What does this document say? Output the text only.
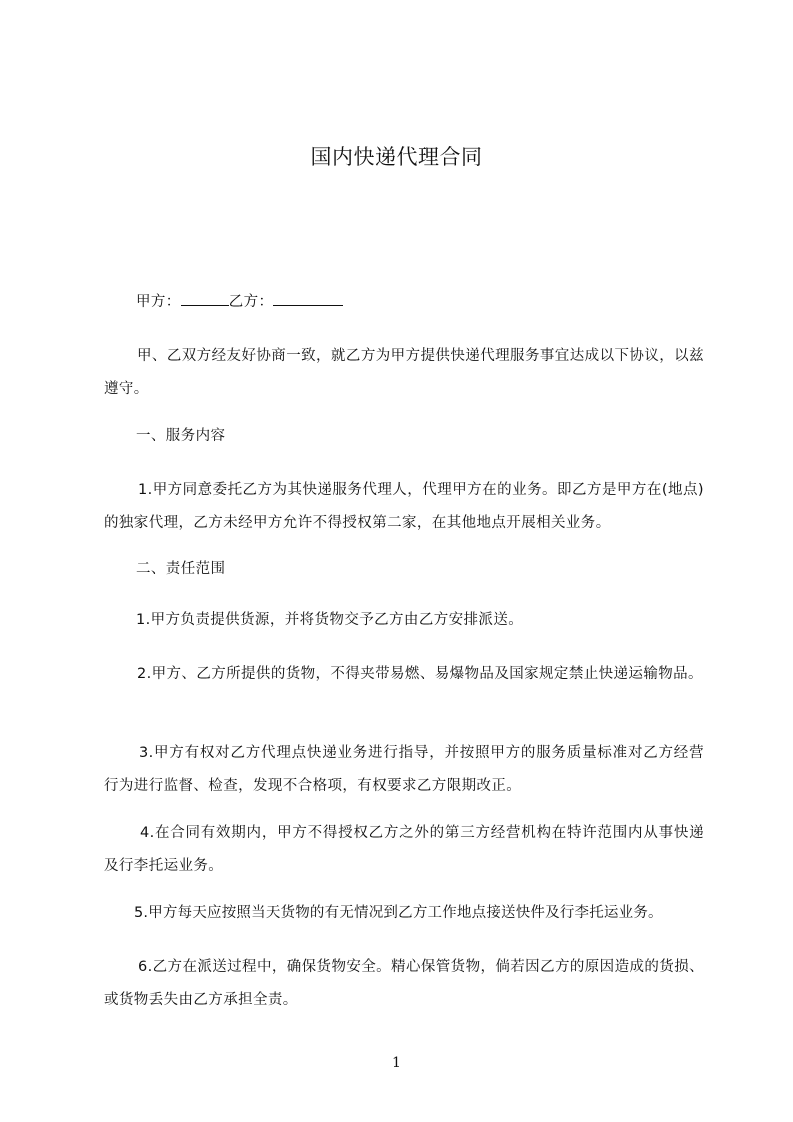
国内快递代理合同

甲方：	乙方：

甲、乙双方经友好协商一致，就乙方为甲方提供快递代理服务事宜达成以下协议，以兹遵守。

一、服务内容

1.甲方同意委托乙方为其快递服务代理人，代理甲方在的业务。即乙方是甲方在(地点)的独家代理，乙方未经甲方允许不得授权第二家，在其他地点开展相关业务。

二、责任范围

1.甲方负责提供货源，并将货物交予乙方由乙方安排派送。

2.甲方、乙方所提供的货物，不得夹带易燃、易爆物品及国家规定禁止快递运输物品。

3.甲方有权对乙方代理点快递业务进行指导，并按照甲方的服务质量标准对乙方经营行为进行监督、检查，发现不合格项，有权要求乙方限期改正。

4.在合同有效期内，甲方不得授权乙方之外的第三方经营机构在特许范围内从事快递及行李托运业务。

5.甲方每天应按照当天货物的有无情况到乙方工作地点接送快件及行李托运业务。

6.乙方在派送过程中，确保货物安全。精心保管货物，倘若因乙方的原因造成的货损、或货物丢失由乙方承担全责。

1
